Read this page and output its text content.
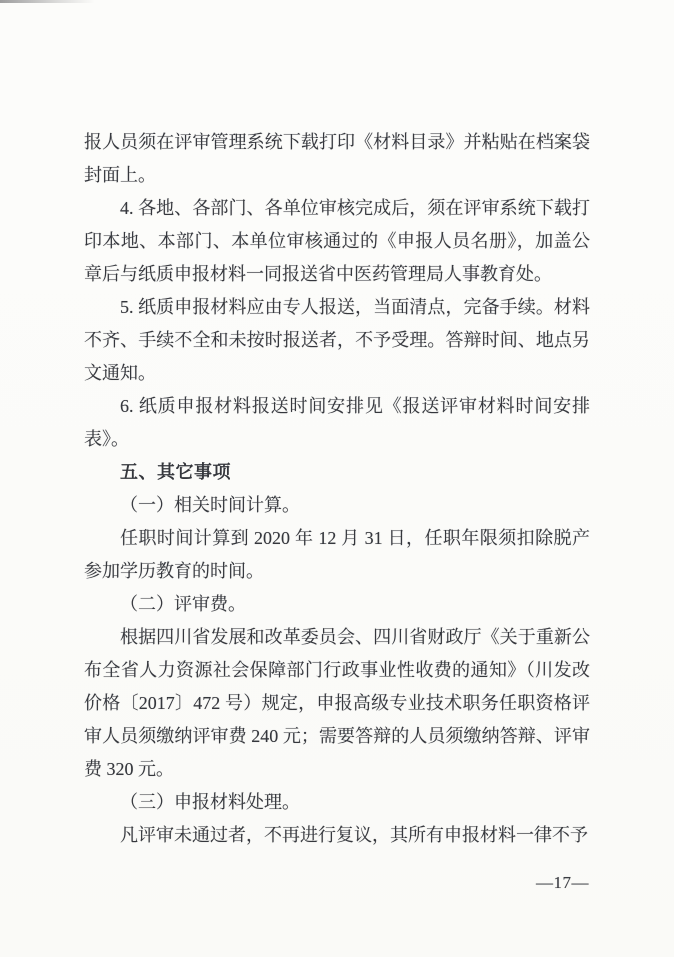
报人员须在评审管理系统下载打印《材料目录》并粘贴在档案袋封面上。

4. 各地、各部门、各单位审核完成后，须在评审系统下载打印本地、本部门、本单位审核通过的《申报人员名册》，加盖公章后与纸质申报材料一同报送省中医药管理局人事教育处。

5. 纸质申报材料应由专人报送，当面清点，完备手续。材料不齐、手续不全和未按时报送者，不予受理。答辩时间、地点另文通知。

6. 纸质申报材料报送时间安排见《报送评审材料时间安排表》。

五、其它事项

（一）相关时间计算。

任职时间计算到 2020 年 12 月 31 日，任职年限须扣除脱产参加学历教育的时间。

（二）评审费。

根据四川省发展和改革委员会、四川省财政厅《关于重新公布全省人力资源社会保障部门行政事业性收费的通知》（川发改价格〔2017〕472 号）规定，申报高级专业技术职务任职资格评审人员须缴纳评审费 240 元；需要答辩的人员须缴纳答辩、评审费 320 元。

（三）申报材料处理。

凡评审未通过者，不再进行复议，其所有申报材料一律不予

—17—
